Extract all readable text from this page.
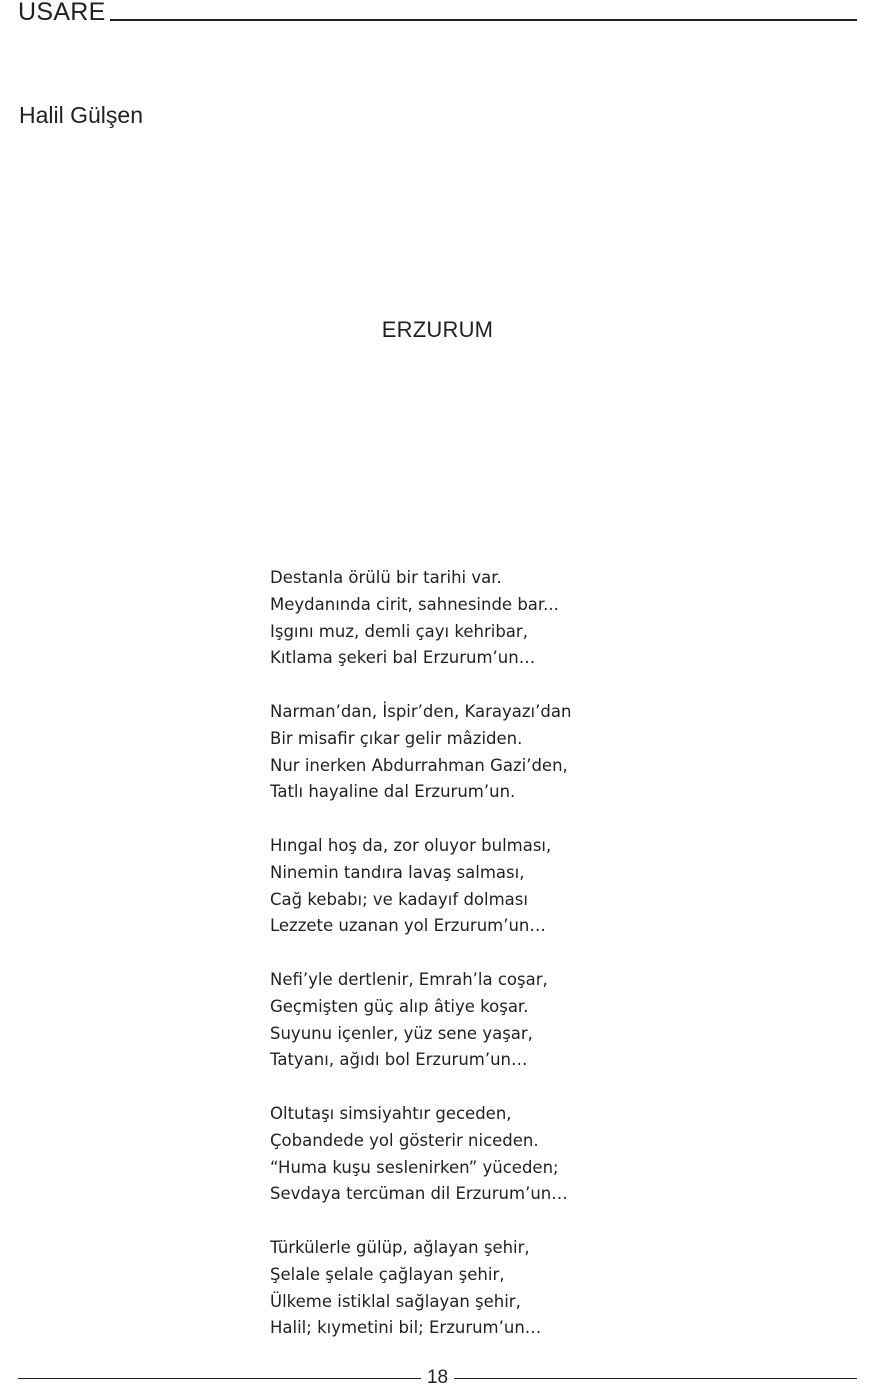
USARE
Halil Gülşen
ERZURUM
Destanla örülü bir tarihi var.
Meydanında cirit, sahnesinde bar...
Işgını muz, demli çayı kehribar,
Kıtlama şekeri bal Erzurum’un…
Narman’dan, İspir’den, Karayazı’dan
Bir misafir çıkar gelir mâziden.
Nur inerken Abdurrahman Gazi’den,
Tatlı hayaline dal Erzurum’un.
Hıngal hoş da, zor oluyor bulması,
Ninemin tandıra lavaş salması,
Cağ kebabı; ve kadayıf dolması
Lezzete uzanan yol Erzurum’un…
Nefi’yle dertlenir, Emrah’la coşar,
Geçmişten güç alıp âtiye koşar.
Suyunu içenler, yüz sene yaşar,
Tatyanı, ağıdı bol Erzurum’un…
Oltutaşı simsiyahtır geceden,
Çobandede yol gösterir niceden.
“Huma kuşu seslenirken” yüceden;
Sevdaya tercüman dil Erzurum’un…
Türkülerle gülüp, ağlayan şehir,
Şelale şelale çağlayan şehir,
Ülkeme istiklal sağlayan şehir,
Halil; kıymetini bil; Erzurum’un…
18
